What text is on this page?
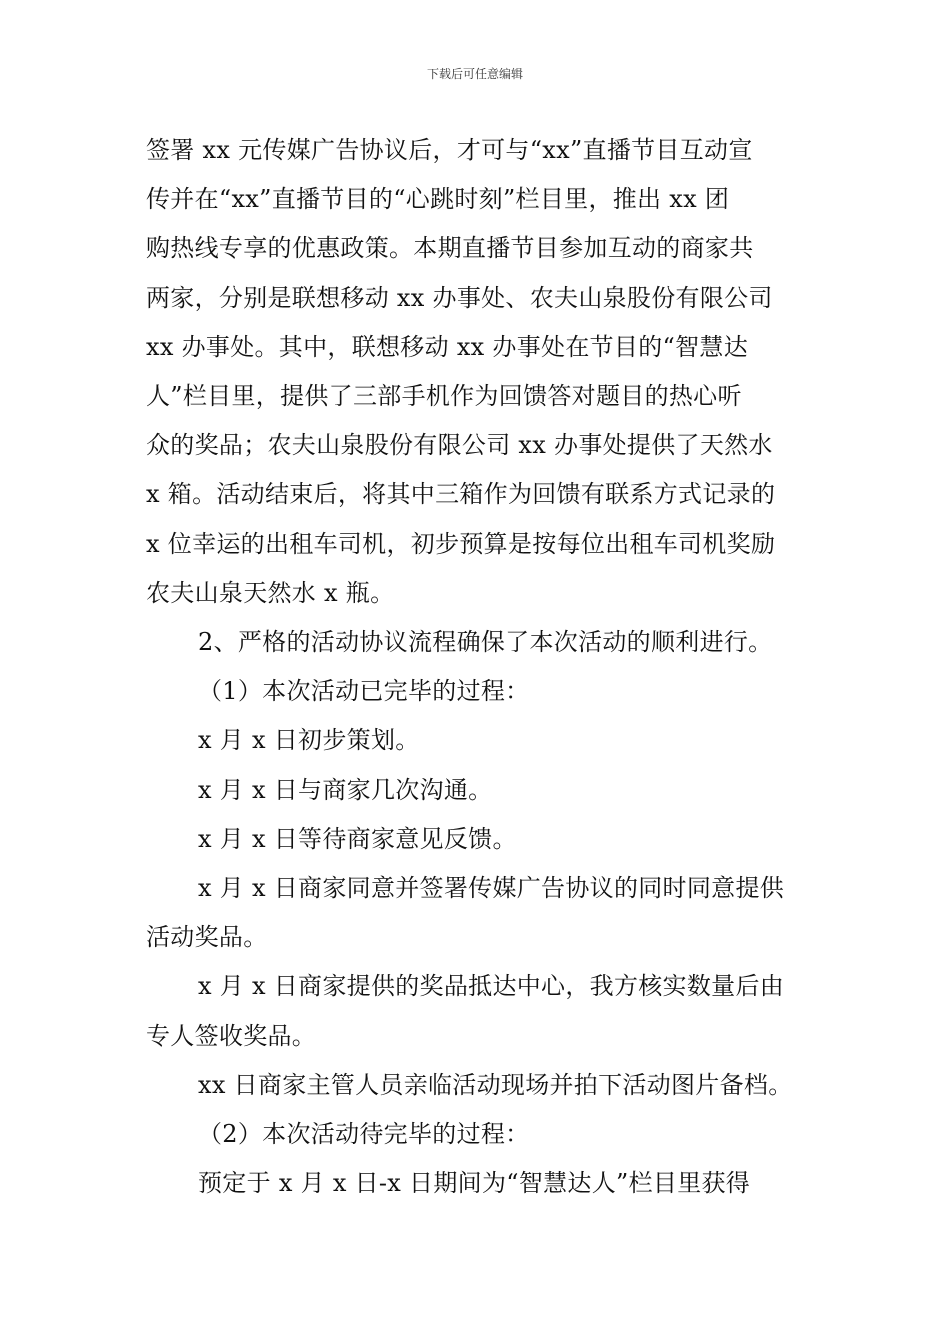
下载后可任意编辑

签署 xx 元传媒广告协议后，才可与“xx”直播节目互动宣

传并在“xx”直播节目的“心跳时刻”栏目里，推出 xx 团

购热线专享的优惠政策。本期直播节目参加互动的商家共

两家，分别是联想移动 xx 办事处、农夫山泉股份有限公司

xx 办事处。其中，联想移动 xx 办事处在节目的“智慧达

人”栏目里，提供了三部手机作为回馈答对题目的热心听

众的奖品；农夫山泉股份有限公司 xx 办事处提供了天然水

x 箱。活动结束后，将其中三箱作为回馈有联系方式记录的

x 位幸运的出租车司机，初步预算是按每位出租车司机奖励

农夫山泉天然水 x 瓶。

2、严格的活动协议流程确保了本次活动的顺利进行。

（1）本次活动已完毕的过程：

x 月 x 日初步策划。

x 月 x 日与商家几次沟通。

x 月 x 日等待商家意见反馈。

x 月 x 日商家同意并签署传媒广告协议的同时同意提供

活动奖品。

x 月 x 日商家提供的奖品抵达中心，我方核实数量后由

专人签收奖品。

xx 日商家主管人员亲临活动现场并拍下活动图片备档。

（2）本次活动待完毕的过程：

预定于 x 月 x 日-x 日期间为“智慧达人”栏目里获得
